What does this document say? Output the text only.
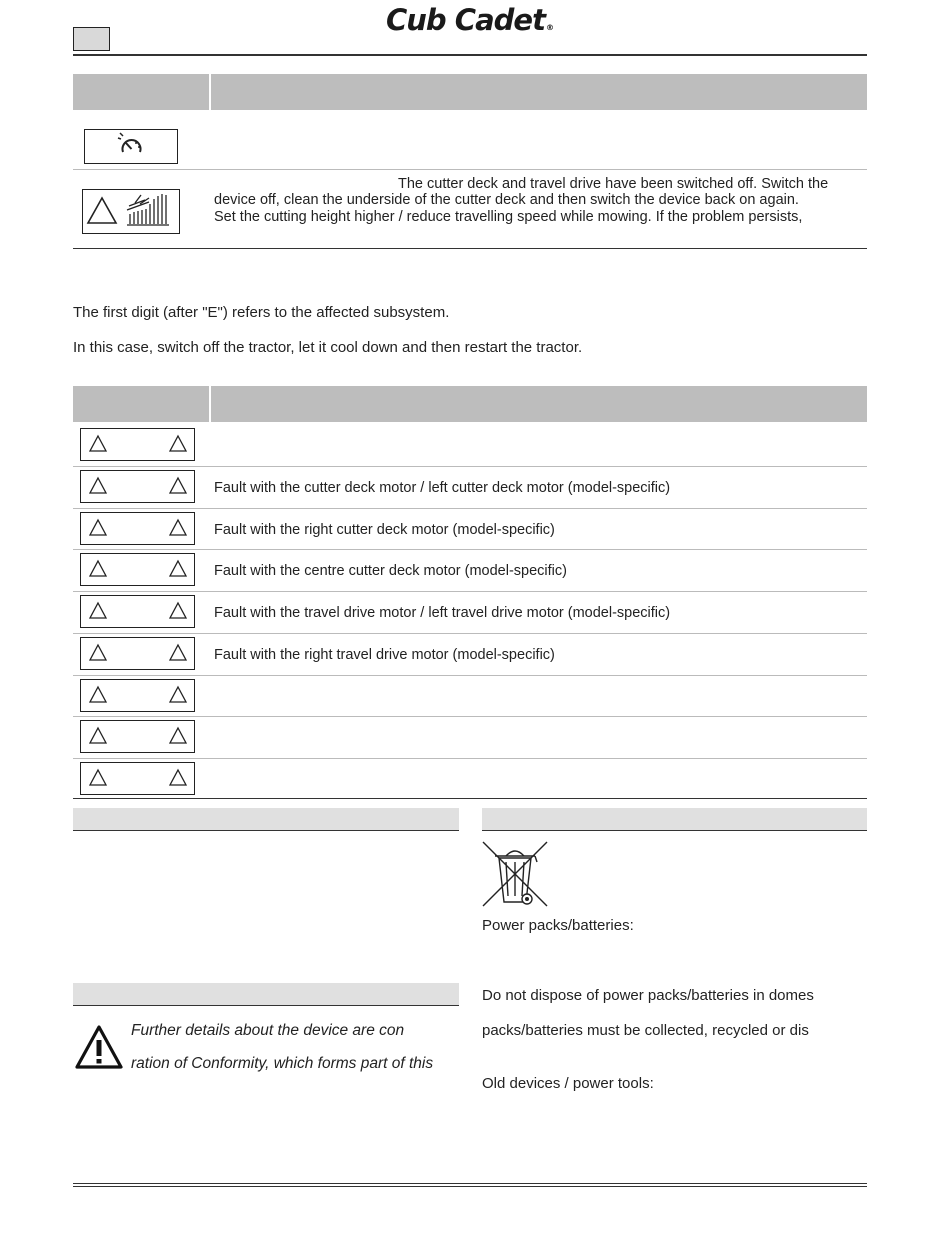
Cub Cadet®
The cutter deck and travel drive have been switched off. Switch the
device off, clean the underside of the cutter deck and then switch the device back on again.
Set the cutting height higher / reduce travelling speed while mowing. If the problem persists,
The first digit (after "E") refers to the affected subsystem.
In this case, switch off the tractor, let it cool down and then restart the tractor.
Fault with the cutter deck motor / left cutter deck motor (model-specific)
Fault with the right cutter deck motor (model-specific)
Fault with the centre cutter deck motor (model-specific)
Fault with the travel drive motor / left travel drive motor (model-specific)
Fault with the right travel drive motor (model-specific)
Further details about the device are con
ration of Conformity, which forms part of this
Power packs/batteries:
Do not dispose of power packs/batteries in domes
packs/batteries must be collected, recycled or dis
Old devices / power tools:
